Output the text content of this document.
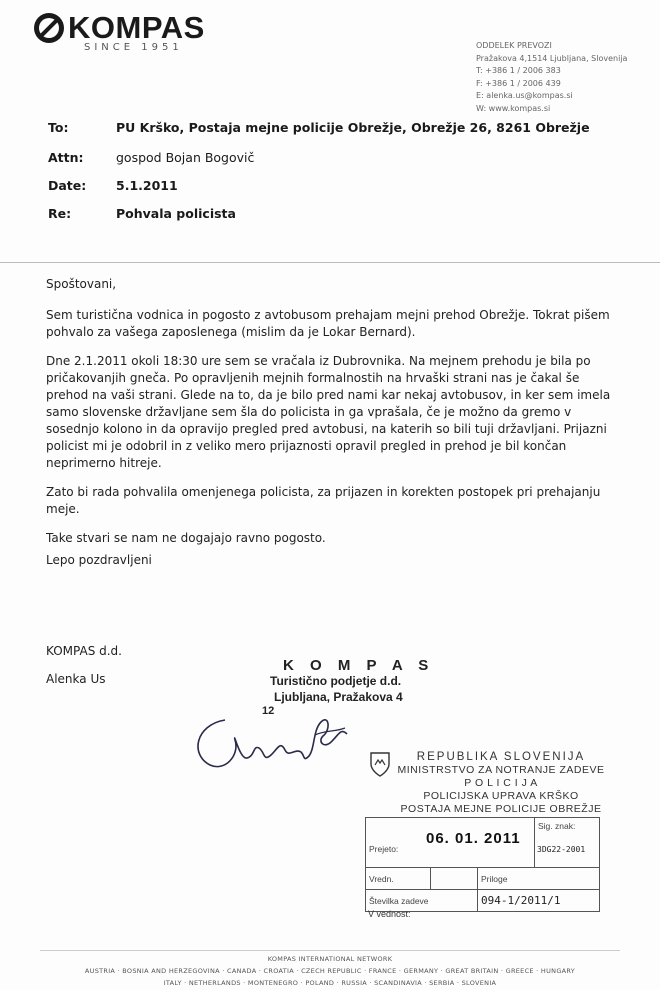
KOMPAS
SINCE 1951	ODDELEK PREVOZI
Pražakova 4,1514 Ljubljana, Slovenija
T: +386 1 / 2006 383
F: +386 1 / 2006 439
E: alenka.us@kompas.si
W: www.kompas.si
To:	PU Krško, Postaja mejne policije Obrežje, Obrežje 26, 8261 Obrežje
Attn:	gospod Bojan Bogovič
Date: 5.1.2011
Re:	Pohvala policista

Spoštovani,

Sem turistična vodnica in pogosto z avtobusom prehajam mejni prehod Obrežje. Tokrat pišem pohvalo za vašega zaposlenega (mislim da je Lokar Bernard).

Dne 2.1.2011 okoli 18:30 ure sem se vračala iz Dubrovnika. Na mejnem prehodu je bila po pričakovanjih gneča. Po opravljenih mejnih formalnostih na hrvaški strani nas je čakal še prehod na vaši strani. Glede na to, da je bilo pred nami kar nekaj avtobusov, in ker sem imela samo slovenske državljane sem šla do policista in ga vprašala, če je možno da gremo v sosednjo kolono in da opravijo pregled pred avtobusi, na katerih so bili tuji državljani. Prijazni policist mi je odobril in z veliko mero prijaznosti opravil pregled in prehod je bil končan neprimerno hitreje.

Zato bi rada pohvalila omenjenega policista, za prijazen in korekten postopek pri prehajanju meje.

Take stvari se nam ne dogajajo ravno pogosto.

Lepo pozdravljeni
KOMPAS d.d.
Alenka Us
K O M P A S
Turistično podjetje d.d.
Ljubljana, Pražakova 4
12
REPUBLIKA SLOVENIJA
MINISTRSTVO ZA NOTRANJE ZADEVE
P O L I C I J A
POLICIJSKA UPRAVA KRŠKO
POSTAJA MEJNE POLICIJE OBREŽJE
Prejeto:
06. 01. 2011			Sig. znak:
3DG22-2001

Vredn.		Priloge	
Številka zadeve		094-1/2011/1	
V vednost:
KOMPAS INTERNATIONAL NETWORK
AUSTRIA · BOSNIA AND HERZEGOVINA · CANADA · CROATIA · CZECH REPUBLIC · FRANCE · GERMANY · GREAT BRITAIN · GREECE · HUNGARY
ITALY · NETHERLANDS · MONTENEGRO · POLAND · RUSSIA · SCANDINAVIA · SERBIA · SLOVENIA
